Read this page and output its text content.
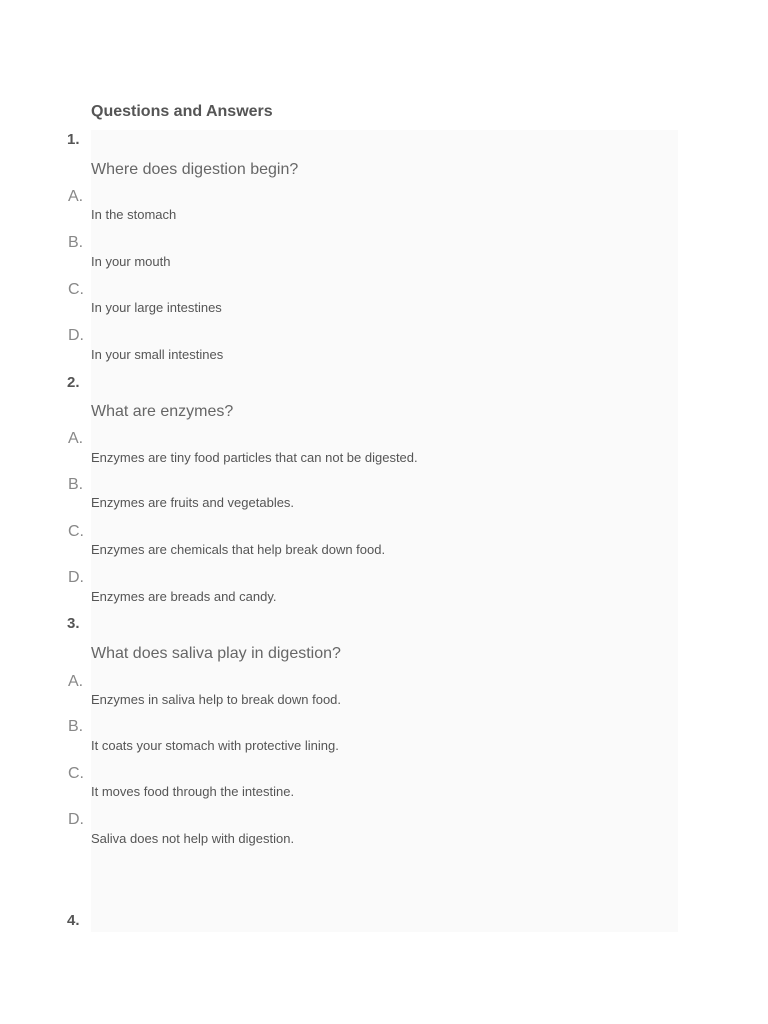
Questions and Answers
1.
Where does digestion begin?
A.
In the stomach
B.
In your mouth
C.
In your large intestines
D.
In your small intestines
2.
What are enzymes?
A.
Enzymes are tiny food particles that can not be digested.
B.
Enzymes are fruits and vegetables.
C.
Enzymes are chemicals that help break down food.
D.
Enzymes are breads and candy.
3.
What does saliva play in digestion?
A.
Enzymes in saliva help to break down food.
B.
It coats your stomach with protective lining.
C.
It moves food through the intestine.
D.
Saliva does not help with digestion.
4.
